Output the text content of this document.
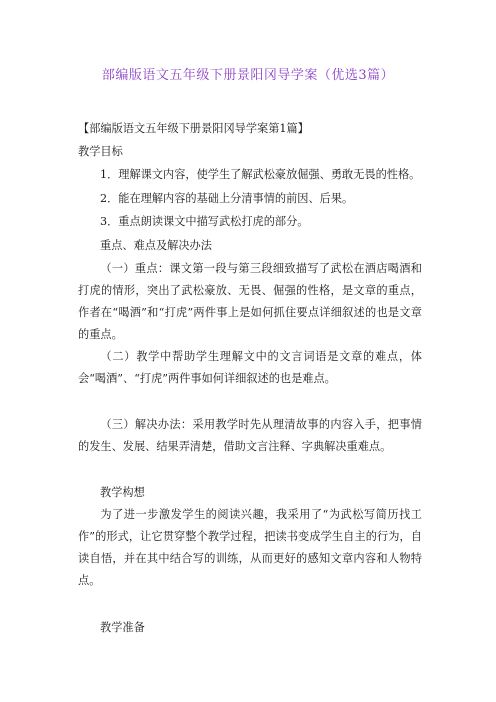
部编版语文五年级下册景阳冈导学案（优选3篇）
【部编版语文五年级下册景阳冈导学案第1篇】
教学目标
1．理解课文内容，使学生了解武松豪放倔强、勇敢无畏的性格。
2．能在理解内容的基础上分清事情的前因、后果。
3．重点朗读课文中描写武松打虎的部分。
重点、难点及解决办法
（一）重点：课文第一段与第三段细致描写了武松在酒店喝酒和打虎的情形，突出了武松豪放、无畏、倔强的性格，是文章的重点，作者在“喝酒”和“打虎”两件事上是如何抓住要点详细叙述的也是文章的重点。
（二）教学中帮助学生理解文中的文言词语是文章的难点，体会“喝酒”、“打虎”两件事如何详细叙述的也是难点。
（三）解决办法：采用教学时先从理清故事的内容入手，把事情的发生、发展、结果弄清楚，借助文言注释、字典解决重难点。
教学构想
为了进一步激发学生的阅读兴趣，我采用了“为武松写简历找工作”的形式，让它贯穿整个教学过程，把读书变成学生自主的行为，自读自悟，并在其中结合写的训练，从而更好的感知文章内容和人物特点。
教学准备
